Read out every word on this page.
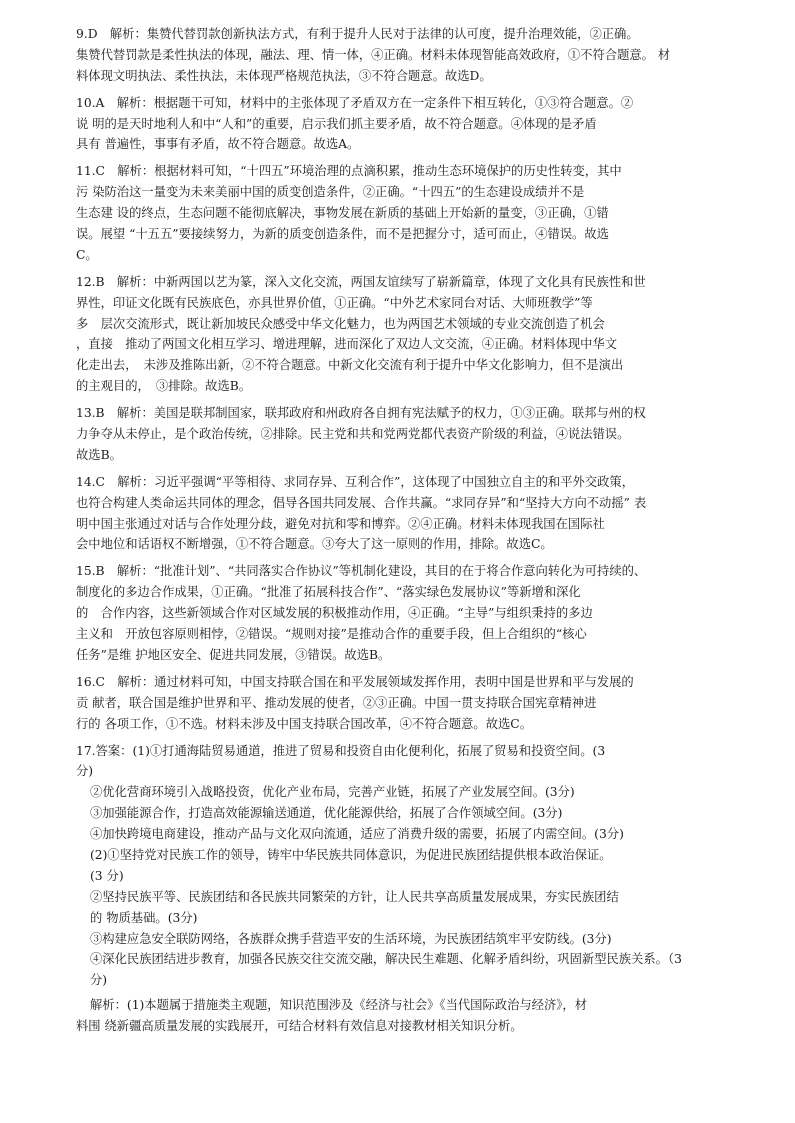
9.D　解析：集赞代替罚款创新执法方式，有利于提升人民对于法律的认可度，提升治理效能，②正确。
集赞代替罚款是柔性执法的体现，融法、理、情一体，④正确。材料未体现智能高效政府，①不符合题意。 材
料体现文明执法、柔性执法，未体现严格规范执法，③不符合题意。故选D。
10.A　解析：根据题干可知，材料中的主张体现了矛盾双方在一定条件下相互转化，①③符合题意。②
说 明的是天时地利人和中“人和”的重要，启示我们抓主要矛盾，故不符合题意。④体现的是矛盾
具有 普遍性，事事有矛盾，故不符合题意。故选A。
11.C　解析：根据材料可知，“十四五”环境治理的点滴积累，推动生态环境保护的历史性转变，其中
污 染防治这一量变为未来美丽中国的质变创造条件，②正确。“十四五”的生态建设成绩并不是
生态建 设的终点，生态问题不能彻底解决，事物发展在新质的基础上开始新的量变，③正确，①错
误。展望 “十五五”要接续努力，为新的质变创造条件，而不是把握分寸，适可而止，④错误。故选
C。
12.B　解析：中新两国以艺为篆，深入文化交流，两国友谊续写了崭新篇章，体现了文化具有民族性和世
界性，印证文化既有民族底色，亦具世界价值，①正确。“中外艺术家同台对话、大师班教学”等
多　层次交流形式，既让新加坡民众感受中华文化魅力，也为两国艺术领域的专业交流创造了机会
，直接　推动了两国文化相互学习、增进理解，进而深化了双边人文交流，④正确。材料体现中华文
化走出去，　未涉及推陈出新，②不符合题意。中新文化交流有利于提升中华文化影响力，但不是演出
的主观目的，　③排除。故选B。
13.B　解析：美国是联邦制国家，联邦政府和州政府各自拥有宪法赋予的权力，①③正确。联邦与州的权
力争夺从未停止，是个政治传统，②排除。民主党和共和党两党都代表资产阶级的利益，④说法错误。
故选B。
14.C　解析：习近平强调“平等相待、求同存异、互利合作”，这体现了中国独立自主的和平外交政策，
也符合构建人类命运共同体的理念，倡导各国共同发展、合作共赢。“求同存异”和“坚持大方向不动摇” 表
明中国主张通过对话与合作处理分歧，避免对抗和零和博弈。②④正确。材料未体现我国在国际社
会中地位和话语权不断增强，①不符合题意。③夸大了这一原则的作用，排除。故选C。
15.B　解析：“批准计划”、“共同落实合作协议”等机制化建设，其目的在于将合作意向转化为可持续的、
制度化的多边合作成果，①正确。“批准了拓展科技合作”、“落实绿色发展协议”等新增和深化
的　合作内容，这些新领域合作对区域发展的积极推动作用，④正确。“主导”与组织秉持的多边
主义和　开放包容原则相悖，②错误。“规则对接”是推动合作的重要手段，但上合组织的“核心
任务”是维 护地区安全、促进共同发展，③错误。故选B。
16.C　解析：通过材料可知，中国支持联合国在和平发展领域发挥作用，表明中国是世界和平与发展的
贡 献者，联合国是维护世界和平、推动发展的使者，②③正确。中国一贯支持联合国宪章精神进
行的 各项工作，①不选。材料未涉及中国支持联合国改革，④不符合题意。故选C。
17.答案：(1)①打通海陆贸易通道，推进了贸易和投资自由化便利化，拓展了贸易和投资空间。(3
分)
②优化营商环境引入战略投资，优化产业布局，完善产业链，拓展了产业发展空间。(3分)
③加强能源合作，打造高效能源输送通道，优化能源供给，拓展了合作领域空间。(3分)
④加快跨境电商建设，推动产品与文化双向流通，适应了消费升级的需要，拓展了内需空间。(3分)
(2)①坚持党对民族工作的领导，铸牢中华民族共同体意识，为促进民族团结提供根本政治保证。
(3 分)
②坚持民族平等、民族团结和各民族共同繁荣的方针，让人民共享高质量发展成果，夯实民族团结
的 物质基础。(3分)
③构建应急安全联防网络，各族群众携手营造平安的生活环境，为民族团结筑牢平安防线。(3分)
④深化民族团结进步教育，加强各民族交往交流交融，解决民生难题、化解矛盾纠纷，巩固新型民族关系。（3
分)
解析：(1)本题属于措施类主观题，知识范围涉及《经济与社会》《当代国际政治与经济》，材
料围 绕新疆高质量发展的实践展开，可结合材料有效信息对接教材相关知识分析。
